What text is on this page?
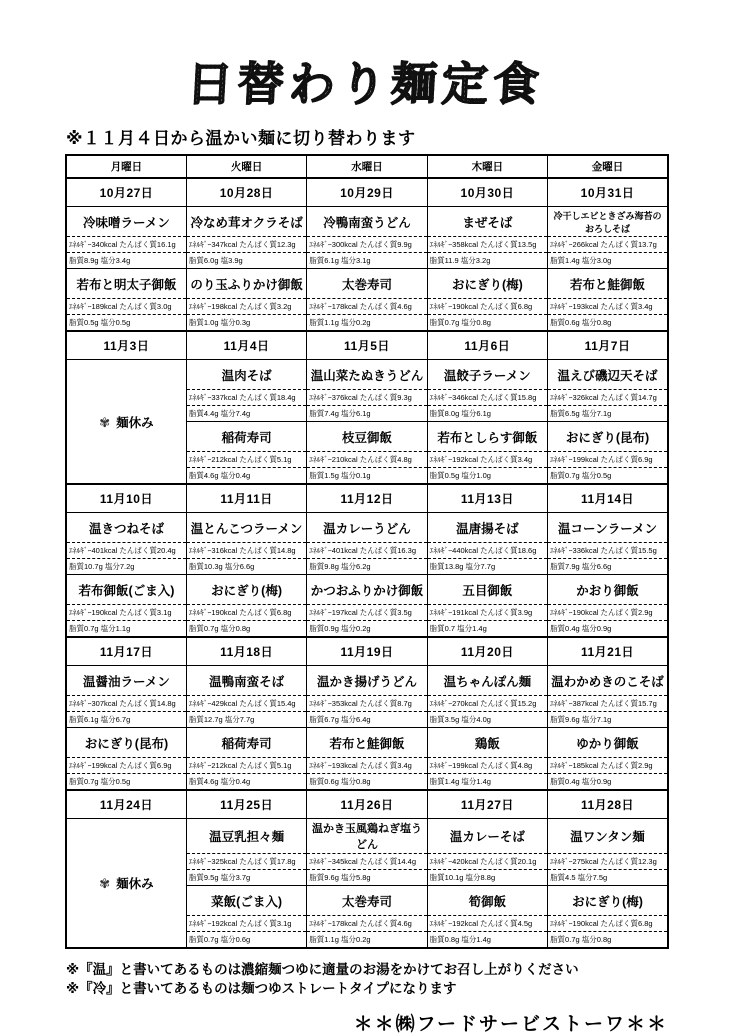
日替わり麺定食
※１１月４日から温かい麺に切り替わります
月曜日	火曜日	水曜日	木曜日	金曜日
10月27日	10月28日	10月29日	10月30日	10月31日
冷味噌ラーメン	冷なめ茸オクラそば	冷鴨南蛮うどん	まぜそば	冷干しエビときざみ海苔のおろしそば
ｴﾈﾙｷﾞｰ340kcal たんぱく質16.1g	ｴﾈﾙｷﾞｰ347kcal たんぱく質12.3g	ｴﾈﾙｷﾞｰ300kcal たんぱく質9.9g	ｴﾈﾙｷﾞｰ358kcal たんぱく質13.5g	ｴﾈﾙｷﾞｰ266kcal たんぱく質13.7g
脂質8.9g 塩分3.4g	脂質6.0g 塩3.9g	脂質6.1g 塩分3.1g	脂質11.9 塩分3.2g	脂質1.4g 塩分3.0g
若布と明太子御飯	のり玉ふりかけ御飯	太巻寿司	おにぎり(梅)	若布と鮭御飯
ｴﾈﾙｷﾞｰ189kcal たんぱく質3.0g	ｴﾈﾙｷﾞｰ198kcal たんぱく質3.2g	ｴﾈﾙｷﾞｰ178kcal たんぱく質4.6g	ｴﾈﾙｷﾞｰ190kcal たんぱく質6.8g	ｴﾈﾙｷﾞｰ193kcal たんぱく質3.4g
脂質0.5g 塩分0.5g	脂質1.0g 塩分0.3g	脂質1.1g 塩分0.2g	脂質0.7g 塩分0.8g	脂質0.6g 塩分0.8g
11月3日	11月4日	11月5日	11月6日	11月7日
✾ 麺休み	温肉そば	温山菜たぬきうどん	温餃子ラーメン	温えび磯辺天そば
	ｴﾈﾙｷﾞｰ337kcal たんぱく質18.4g	ｴﾈﾙｷﾞｰ376kcal たんぱく質9.3g	ｴﾈﾙｷﾞｰ346kcal たんぱく質15.8g	ｴﾈﾙｷﾞｰ326kcal たんぱく質14.7g
	脂質4.4g 塩分7.4g	脂質7.4g 塩分6.1g	脂質8.0g 塩分6.1g	脂質6.5g 塩分7.1g
	稲荷寿司	枝豆御飯	若布としらす御飯	おにぎり(昆布)
	ｴﾈﾙｷﾞｰ212kcal たんぱく質5.1g	ｴﾈﾙｷﾞｰ210kcal たんぱく質4.8g	ｴﾈﾙｷﾞｰ192kcal たんぱく質3.4g	ｴﾈﾙｷﾞｰ199kcal たんぱく質6.9g
	脂質4.6g 塩分0.4g	脂質1.5g 塩分0.1g	脂質0.5g 塩分1.0g	脂質0.7g 塩分0.5g
11月10日	11月11日	11月12日	11月13日	11月14日
温きつねそば	温とんこつラーメン	温カレーうどん	温唐揚そば	温コーンラーメン
ｴﾈﾙｷﾞｰ401kcal たんぱく質20.4g	ｴﾈﾙｷﾞｰ316kcal たんぱく質14.8g	ｴﾈﾙｷﾞｰ401kcal たんぱく質16.3g	ｴﾈﾙｷﾞｰ440kcal たんぱく質18.6g	ｴﾈﾙｷﾞｰ336kcal たんぱく質15.5g
脂質10.7g 塩分7.2g	脂質10.3g 塩分6.6g	脂質9.8g 塩分6.2g	脂質13.8g 塩分7.7g	脂質7.9g 塩分6.6g
若布御飯(ごま入)	おにぎり(梅)	かつおふりかけ御飯	五目御飯	かおり御飯
ｴﾈﾙｷﾞｰ190kcal たんぱく質3.1g	ｴﾈﾙｷﾞｰ190kcal たんぱく質6.8g	ｴﾈﾙｷﾞｰ197kcal たんぱく質3.5g	ｴﾈﾙｷﾞｰ191kcal たんぱく質3.9g	ｴﾈﾙｷﾞｰ190kcal たんぱく質2.9g
脂質0.7g 塩分1.1g	脂質0.7g 塩分0.8g	脂質0.9g 塩分0.2g	脂質0.7 塩分1.4g	脂質0.4g 塩分0.9g
11月17日	11月18日	11月19日	11月20日	11月21日
温醤油ラーメン	温鴨南蛮そば	温かき揚げうどん	温ちゃんぽん麺	温わかめきのこそば
ｴﾈﾙｷﾞｰ307kcal たんぱく質14.8g	ｴﾈﾙｷﾞｰ429kcal たんぱく質15.4g	ｴﾈﾙｷﾞｰ353kcal たんぱく質8.7g	ｴﾈﾙｷﾞｰ270kcal たんぱく質15.2g	ｴﾈﾙｷﾞｰ387kcal たんぱく質15.7g
脂質6.1g 塩分6.7g	脂質12.7g 塩分7.7g	脂質6.7g 塩分6.4g	脂質3.5g 塩分4.0g	脂質9.6g 塩分7.1g
おにぎり(昆布)	稲荷寿司	若布と鮭御飯	鶏飯	ゆかり御飯
ｴﾈﾙｷﾞｰ199kcal たんぱく質6.9g	ｴﾈﾙｷﾞｰ212kcal たんぱく質5.1g	ｴﾈﾙｷﾞｰ193kcal たんぱく質3.4g	ｴﾈﾙｷﾞｰ199kcal たんぱく質4.8g	ｴﾈﾙｷﾞｰ185kcal たんぱく質2.9g
脂質0.7g 塩分0.5g	脂質4.6g 塩分0.4g	脂質0.6g 塩分0.8g	脂質1.4g 塩分1.4g	脂質0.4g 塩分0.9g
11月24日	11月25日	11月26日	11月27日	11月28日
✾ 麺休み	温豆乳担々麺	温かき玉風鶏ねぎ塩うどん	温カレーそば	温ワンタン麺
	ｴﾈﾙｷﾞｰ325kcal たんぱく質17.8g	ｴﾈﾙｷﾞｰ345kcal たんぱく質14.4g	ｴﾈﾙｷﾞｰ420kcal たんぱく質20.1g	ｴﾈﾙｷﾞｰ275kcal たんぱく質12.3g
	脂質9.5g 塩分3.7g	脂質9.6g 塩分5.8g	脂質10.1g 塩分8.8g	脂質4.5 塩分7.5g
	菜飯(ごま入)	太巻寿司	筍御飯	おにぎり(梅)
	ｴﾈﾙｷﾞｰ192kcal たんぱく質3.1g	ｴﾈﾙｷﾞｰ178kcal たんぱく質4.6g	ｴﾈﾙｷﾞｰ192kcal たんぱく質4.5g	ｴﾈﾙｷﾞｰ190kcal たんぱく質6.8g
	脂質0.7g 塩分0.6g	脂質1.1g 塩分0.2g	脂質0.8g 塩分1.4g	脂質0.7g 塩分0.8g
※『温』と書いてあるものは濃縮麺つゆに適量のお湯をかけてお召し上がりください
※『冷』と書いてあるものは麺つゆストレートタイプになります
＊＊㈱フードサービストーワ＊＊
